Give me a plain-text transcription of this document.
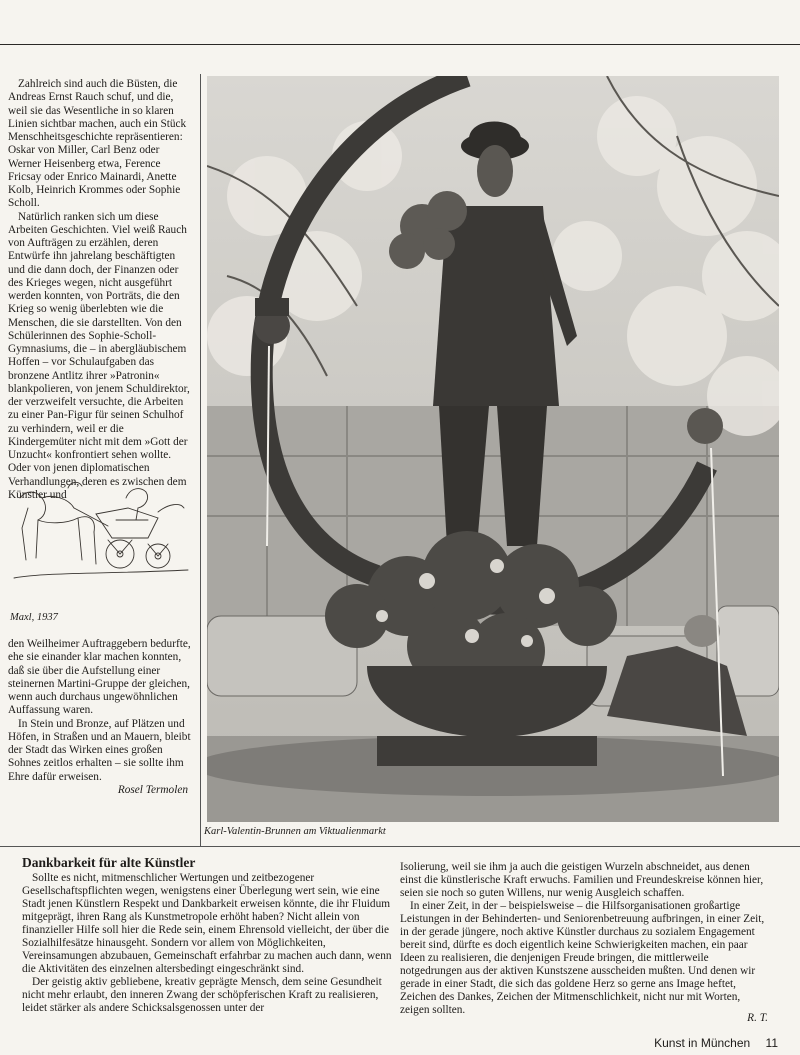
Zahlreich sind auch die Büsten, die Andreas Ernst Rauch schuf, und die, weil sie das Wesentliche in so klaren Linien sichtbar machen, auch ein Stück Menschheitsgeschichte repräsentieren: Oskar von Miller, Carl Benz oder Werner Heisenberg etwa, Ference Fricsay oder Enrico Mainardi, Anette Kolb, Heinrich Krommes oder Sophie Scholl.

Natürlich ranken sich um diese Arbeiten Geschichten. Viel weiß Rauch von Aufträgen zu erzählen, deren Entwürfe ihn jahrelang beschäftigten und die dann doch, der Finanzen oder des Krieges wegen, nicht ausgeführt werden konnten, von Porträts, die den Krieg so wenig überlebten wie die Menschen, die sie darstellten. Von den Schülerinnen des Sophie-Scholl-Gymnasiums, die – in abergläubischem Hoffen – vor Schulaufgaben das bronzene Antlitz ihrer »Patronin« blankpolieren, von jenem Schuldirektor, der verzweifelt versuchte, die Arbeiten zu einer Pan-Figur für seinen Schulhof zu verhindern, weil er die Kindergemüter nicht mit dem »Gott der Unzucht« konfrontiert sehen wollte. Oder von jenen diplomatischen Verhandlungen, deren es zwischen dem Künstler und

Maxl, 1937

den Weilheimer Auftraggebern bedurfte, ehe sie einander klar machen konnten, daß sie über die Aufstellung einer steinernen Martini-Gruppe der gleichen, wenn auch durchaus ungewöhnlichen Auffassung waren.

In Stein und Bronze, auf Plätzen und Höfen, in Straßen und an Mauern, bleibt der Stadt das Wirken eines großen Sohnes zeitlos erhalten – sie sollte ihm Ehre dafür erweisen.

Rosel Termolen
Karl-Valentin-Brunnen am Viktualienmarkt
Dankbarkeit für alte Künstler

Sollte es nicht, mitmenschlicher Wertungen und zeitbezogener Gesellschaftspflichten wegen, wenigstens einer Überlegung wert sein, wie eine Stadt jenen Künstlern Respekt und Dankbarkeit erweisen könnte, die ihr Fluidum mitgeprägt, ihren Rang als Kunstmetropole erhöht haben? Nicht allein von finanzieller Hilfe soll hier die Rede sein, einem Ehrensold vielleicht, der über die Sozialhilfesätze hinausgeht. Sondern vor allem von Möglichkeiten, Vereinsamungen abzubauen, Gemeinschaft erfahrbar zu machen auch dann, wenn die Aktivitäten des einzelnen altersbedingt eingeschränkt sind.

Der geistig aktiv gebliebene, kreativ geprägte Mensch, dem seine Gesundheit nicht mehr erlaubt, den inneren Zwang der schöpferischen Kraft zu realisieren, leidet stärker als andere Schicksalsgenossen unter der

Isolierung, weil sie ihm ja auch die geistigen Wurzeln abschneidet, aus denen einst die künstlerische Kraft erwuchs. Familien und Freundeskreise können hier, seien sie noch so guten Willens, nur wenig Ausgleich schaffen.

In einer Zeit, in der – beispielsweise – die Hilfsorganisationen großartige Leistungen in der Behinderten- und Seniorenbetreuung aufbringen, in einer Zeit, in der gerade jüngere, noch aktive Künstler durchaus zu sozialem Engagement bereit sind, dürfte es doch eigentlich keine Schwierigkeiten machen, ein paar Ideen zu realisieren, die denjenigen Freude bringen, die mittlerweile notgedrungen aus der aktiven Kunstszene ausscheiden mußten. Und denen wir gerade in einer Stadt, die sich das goldene Herz so gerne ans Image heftet, Zeichen des Dankes, Zeichen der Mitmenschlichkeit, nicht nur mit Worten, zeigen sollten.

R. T.
Kunst in München 11
